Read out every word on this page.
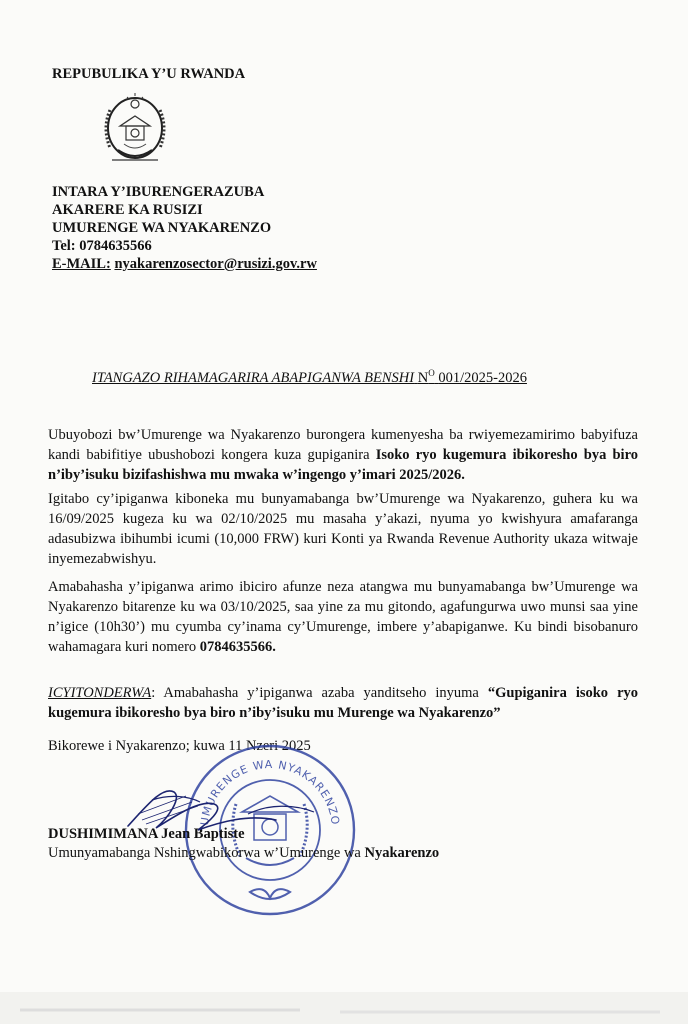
REPUBULIKA Y’U RWANDA
INTARA Y’IBURENGERAZUBA
AKARERE KA RUSIZI
UMURENGE WA NYAKARENZO
Tel: 0784635566
E-MAIL: nyakarenzosector@rusizi.gov.rw
ITANGAZO RIHAMAGARIRA ABAPIGANWA BENSHI $N^O$ 001/2025-2026
Ubuyobozi bw’Umurenge wa Nyakarenzo burongera kumenyesha ba rwiyemezamirimo babyifuza kandi babifitiye ubushobozi kongera kuza gupiganira Isoko ryo kugemura ibikoresho bya biro n’iby’isuku bizifashishwa mu mwaka w’ingengo y’imari 2025/2026.
Igitabo cy’ipiganwa kiboneka mu bunyamabanga bw’Umurenge wa Nyakarenzo, guhera ku wa 16/09/2025 kugeza ku wa 02/10/2025 mu masaha y’akazi, nyuma yo kwishyura amafaranga adasubizwa ibihumbi icumi (10,000 FRW) kuri Konti ya Rwanda Revenue Authority ukaza witwaje inyemezabwishyu.
Amabahasha y’ipiganwa arimo ibiciro afunze neza atangwa mu bunyamabanga bw’Umurenge wa Nyakarenzo bitarenze ku wa 03/10/2025, saa yine za mu gitondo, agafungurwa uwo munsi saa yine n’igice (10h30’) mu cyumba cy’inama cy’Umurenge, imbere y’abapiganwe. Ku bindi bisobanuro wahamagara kuri nomero 0784635566.
ICYITONDERWA: Amabahasha y’ipiganwa azaba yanditseho inyuma “Gupiganira isoko ryo kugemura ibikoresho bya biro n’iby’isuku mu Murenge wa Nyakarenzo”
Bikorewe i Nyakarenzo; kuwa 11 Nzeri 2025
UMURENGE WA NYAKARENZO
DUSHIMIMANA Jean Baptiste
Umunyamabanga Nshingwabikorwa w’Umurenge wa Nyakarenzo
